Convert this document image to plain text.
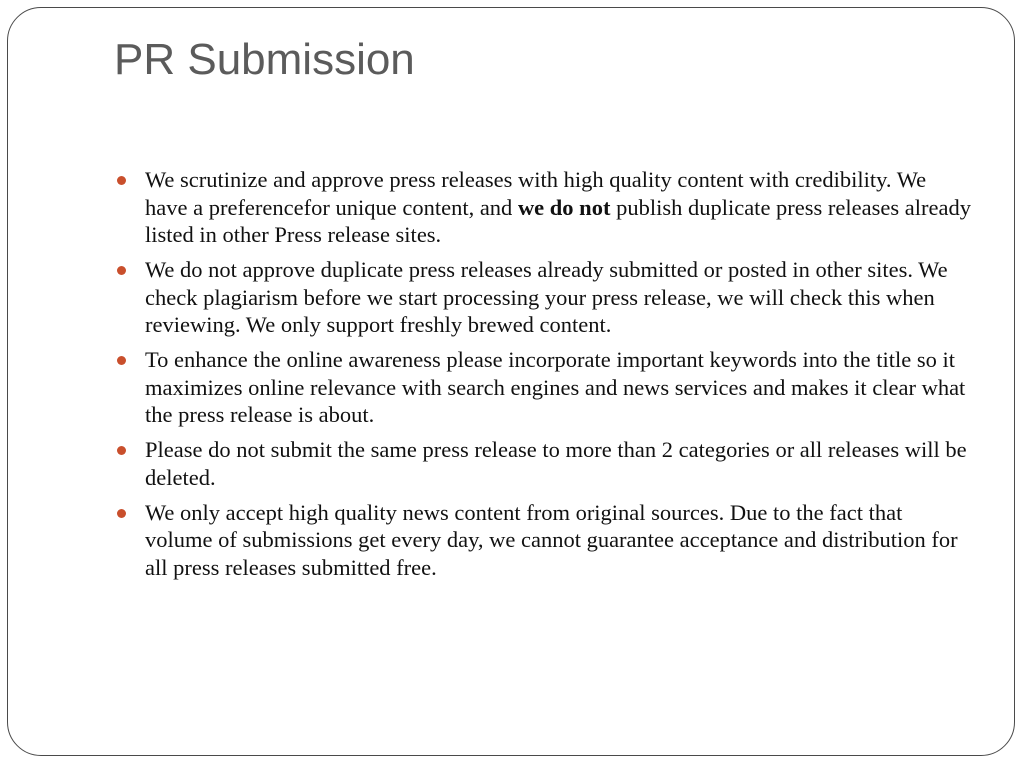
PR Submission
We scrutinize and approve press releases with high quality content with credibility. We have a preferencefor unique content, and we do not publish duplicate press releases already listed in other Press release sites.
We do not approve duplicate press releases already submitted or posted in other sites. We check plagiarism before we start processing your press release, we will check this when reviewing. We only support freshly brewed content.
To enhance the online awareness please incorporate important keywords into the title so it maximizes online relevance with search engines and news services and makes it clear what the press release is about.
Please do not submit the same press release to more than 2 categories or all releases will be deleted.
We only accept high quality news content from original sources. Due to the fact that volume of submissions get every day, we cannot guarantee acceptance and distribution for all press releases submitted free.
